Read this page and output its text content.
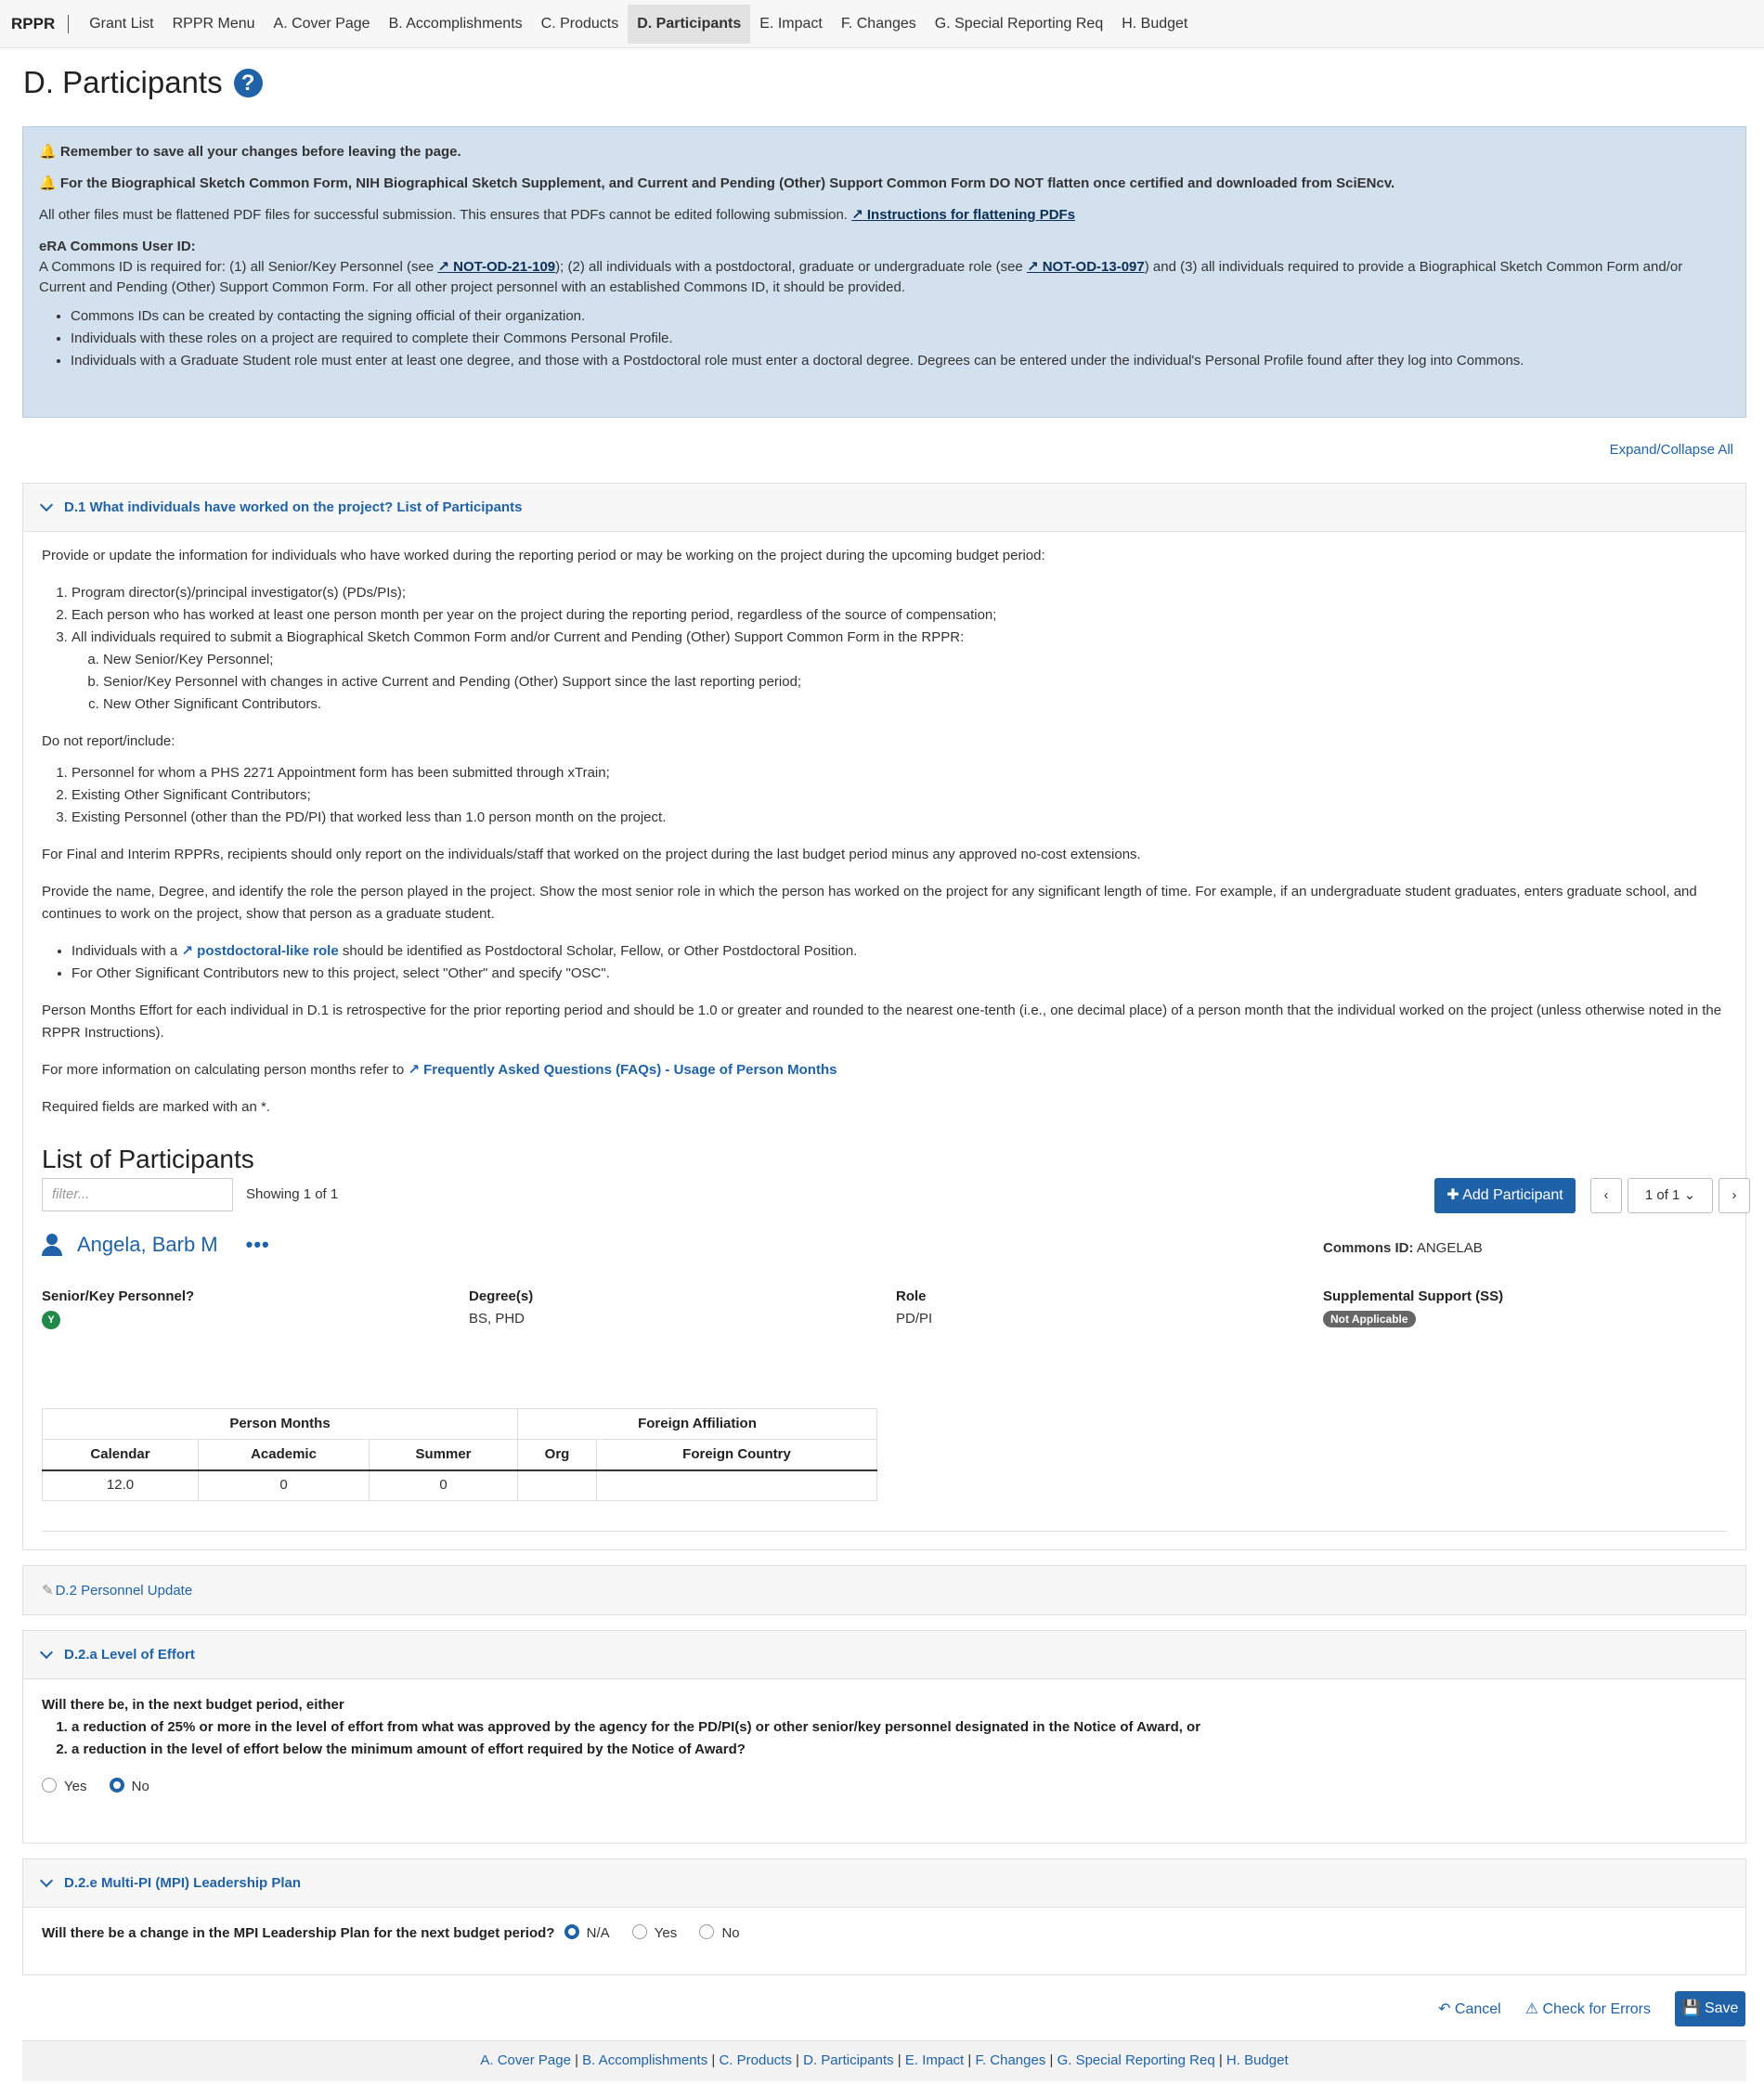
RPPR	Grant List	RPPR Menu	A. Cover Page	B. Accomplishments	C. Products	D. Participants	E. Impact	F. Changes	G. Special Reporting Req	H. Budget
D. Participants ?

🔔 Remember to save all your changes before leaving the page.

🔔 For the Biographical Sketch Common Form, NIH Biographical Sketch Supplement, and Current and Pending (Other) Support Common Form DO NOT flatten once certified and downloaded from SciENcv.

All other files must be flattened PDF files for successful submission. This ensures that PDFs cannot be edited following submission. ↗ Instructions for flattening PDFs

eRA Commons User ID:
A Commons ID is required for: (1) all Senior/Key Personnel (see ↗ NOT-OD-21-109); (2) all individuals with a postdoctoral, graduate or undergraduate role (see ↗ NOT-OD-13-097) and (3) all individuals required to provide a Biographical Sketch Common Form and/or Current and Pending (Other) Support Common Form. For all other project personnel with an established Commons ID, it should be provided.

• Commons IDs can be created by contacting the signing official of their organization.
• Individuals with these roles on a project are required to complete their Commons Personal Profile.
• Individuals with a Graduate Student role must enter at least one degree, and those with a Postdoctoral role must enter a doctoral degree. Degrees can be entered under the individual's Personal Profile found after they log into Commons.
Expand/Collapse All
D.1 What individuals have worked on the project? List of Participants

Provide or update the information for individuals who have worked during the reporting period or may be working on the project during the upcoming budget period:

1. Program director(s)/principal investigator(s) (PDs/PIs);
2. Each person who has worked at least one person month per year on the project during the reporting period, regardless of the source of compensation;
3. All individuals required to submit a Biographical Sketch Common Form and/or Current and Pending (Other) Support Common Form in the RPPR:
a. New Senior/Key Personnel;
b. Senior/Key Personnel with changes in active Current and Pending (Other) Support since the last reporting period;
c. New Other Significant Contributors.

Do not report/include:

1. Personnel for whom a PHS 2271 Appointment form has been submitted through xTrain;
2. Existing Other Significant Contributors;
3. Existing Personnel (other than the PD/PI) that worked less than 1.0 person month on the project.

For Final and Interim RPPRs, recipients should only report on the individuals/staff that worked on the project during the last budget period minus any approved no-cost extensions.

Provide the name, Degree, and identify the role the person played in the project. Show the most senior role in which the person has worked on the project for any significant length of time. For example, if an undergraduate student graduates, enters graduate school, and continues to work on the project, show that person as a graduate student.

• Individuals with a ↗ postdoctoral-like role should be identified as Postdoctoral Scholar, Fellow, or Other Postdoctoral Position.
• For Other Significant Contributors new to this project, select "Other" and specify "OSC".

Person Months Effort for each individual in D.1 is retrospective for the prior reporting period and should be 1.0 or greater and rounded to the nearest one-tenth (i.e., one decimal place) of a person month that the individual worked on the project (unless otherwise noted in the RPPR Instructions).

For more information on calculating person months refer to ↗ Frequently Asked Questions (FAQs) - Usage of Person Months

Required fields are marked with an *.

List of Participants
filter...	Showing 1 of 1	✚ Add Participant	‹	1 of 1 ⌄	›
Angela, Barb M •••	Commons ID: ANGELAB
Senior/Key Personnel?
Y
Degree(s)
BS, PHD
Role
PD/PI
Supplemental Support (SS)
Not Applicable
Person Months			Foreign Affiliation	
Calendar	Academic	Summer	Org	Foreign Country
12.0	0	0		
✎ D.2 Personnel Update
D.2.a Level of Effort
Will there be, in the next budget period, either
1. a reduction of 25% or more in the level of effort from what was approved by the agency for the PD/PI(s) or other senior/key personnel designated in the Notice of Award, or
2. a reduction in the level of effort below the minimum amount of effort required by the Notice of Award?
Yes	No
D.2.e Multi-PI (MPI) Leadership Plan
Will there be a change in the MPI Leadership Plan for the next budget period? N/A	Yes	No
↶ Cancel ⚠ Check for Errors	💾 Save
A. Cover Page | B. Accomplishments | C. Products | D. Participants | E. Impact | F. Changes | G. Special Reporting Req | H. Budget
